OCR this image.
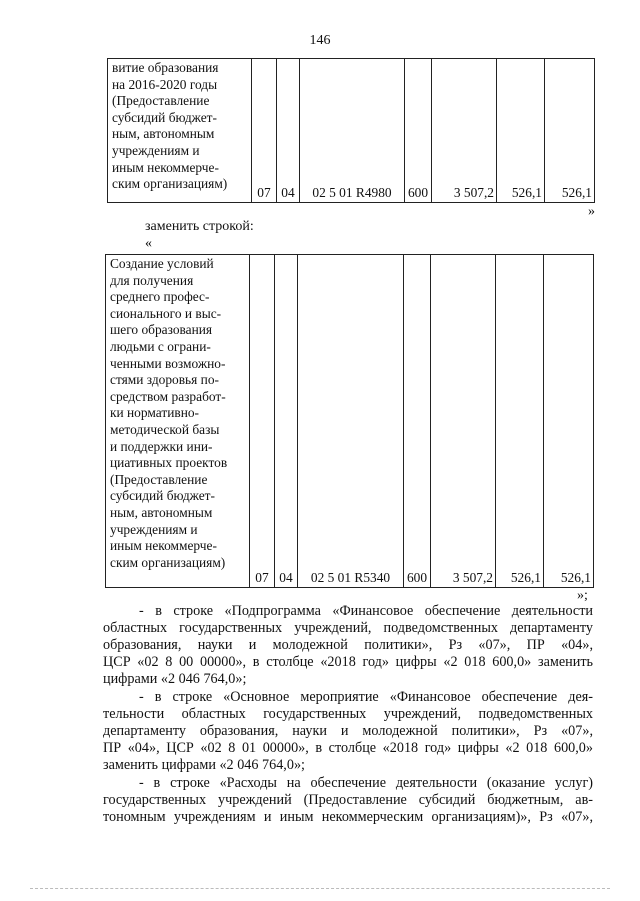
146
витие образования
на 2016-2020 годы
(Предоставление
субсидий бюджет-
ным, автономным
учреждениям и
иным некоммерче-
ским организациям)
	07	04	02 5 01 R4980	600	3 507,2	526,1	526,1
»
заменить строкой:
«
Создание условий
для получения
среднего профес-
сионального и выс-
шего образования
людьми с ограни-
ченными возможно-
стями здоровья по-
средством разработ-
ки нормативно-
методической базы
и поддержки ини-
циативных проектов
(Предоставление
субсидий бюджет-
ным, автономным
учреждениям и
иным некоммерче-
ским организациям)
	07	04	02 5 01 R5340	600	3 507,2	526,1	526,1
»;
- в строке «Подпрограмма «Финансовое обеспечение деятельности
областных государственных учреждений, подведомственных департаменту
образования, науки и молодежной политики», Рз «07», ПР «04»,
ЦСР «02 8 00 00000», в столбце «2018 год» цифры «2 018 600,0» заменить
цифрами «2 046 764,0»;
- в строке «Основное мероприятие «Финансовое обеспечение дея-
тельности областных государственных учреждений, подведомственных
департаменту образования, науки и молодежной политики», Рз «07»,
ПР «04», ЦСР «02 8 01 00000», в столбце «2018 год» цифры «2 018 600,0»
заменить цифрами «2 046 764,0»;
- в строке «Расходы на обеспечение деятельности (оказание услуг)
государственных учреждений (Предоставление субсидий бюджетным, ав-
тономным учреждениям и иным некоммерческим организациям)», Рз «07»,
